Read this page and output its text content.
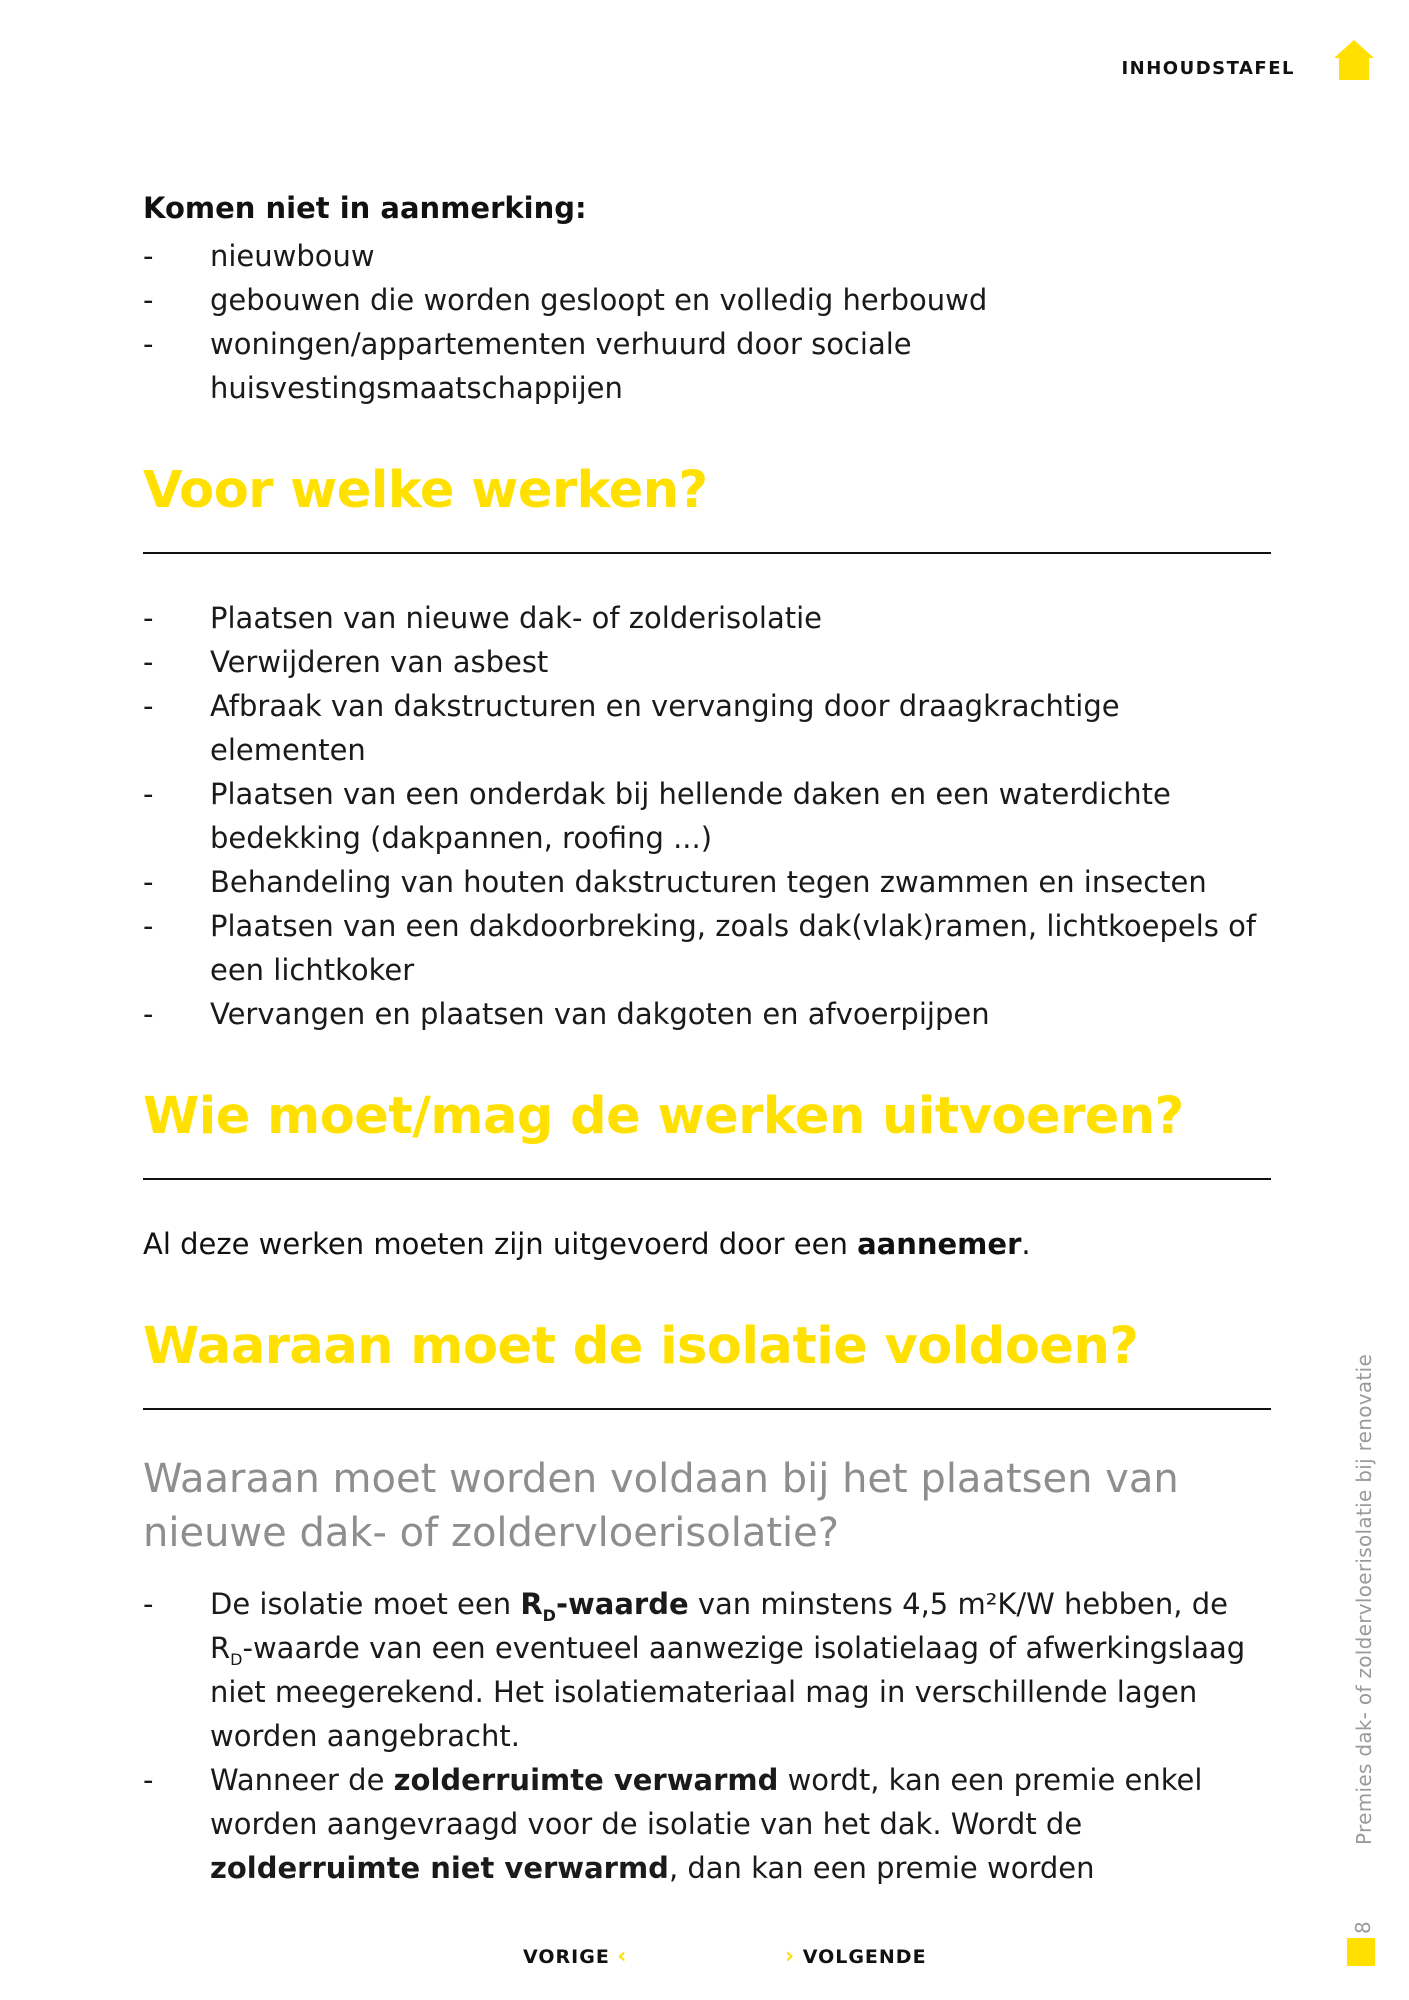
INHOUDSTAFEL

Komen niet in aanmerking:

- nieuwbouw
- gebouwen die worden gesloopt en volledig herbouwd
- woningen/appartementen verhuurd door sociale huisvestingsmaatschappijen
Voor welke werken?
- Plaatsen van nieuwe dak- of zolderisolatie
- Verwijderen van asbest
- Afbraak van dakstructuren en vervanging door draagkrachtige elementen
- Plaatsen van een onderdak bij hellende daken en een waterdichte bedekking (dakpannen, roofing ...)
- Behandeling van houten dakstructuren tegen zwammen en insecten
- Plaatsen van een dakdoorbreking, zoals dak(vlak)ramen, lichtkoepels of een lichtkoker
- Vervangen en plaatsen van dakgoten en afvoerpijpen
Wie moet/mag de werken uitvoeren?

Al deze werken moeten zijn uitgevoerd door een aannemer.

Waaraan moet de isolatie voldoen?

Waaraan moet worden voldaan bij het plaatsen van nieuwe dak- of zoldervloerisolatie?

- De isolatie moet een $R_D$-waarde van minstens 4,5 m²K/W hebben, de $R_D$-waarde van een eventueel aanwezige isolatielaag of afwerkingslaag niet meegerekend. Het isolatiemateriaal mag in verschillende lagen worden aangebracht.
- Wanneer de zolderruimte verwarmd wordt, kan een premie enkel worden aangevraagd voor de isolatie van het dak. Wordt de zolderruimte niet verwarmd, dan kan een premie worden
Premies dak- of zoldervloerisolatie bij renovatie
8
VORIGE ‹	› VOLGENDE
